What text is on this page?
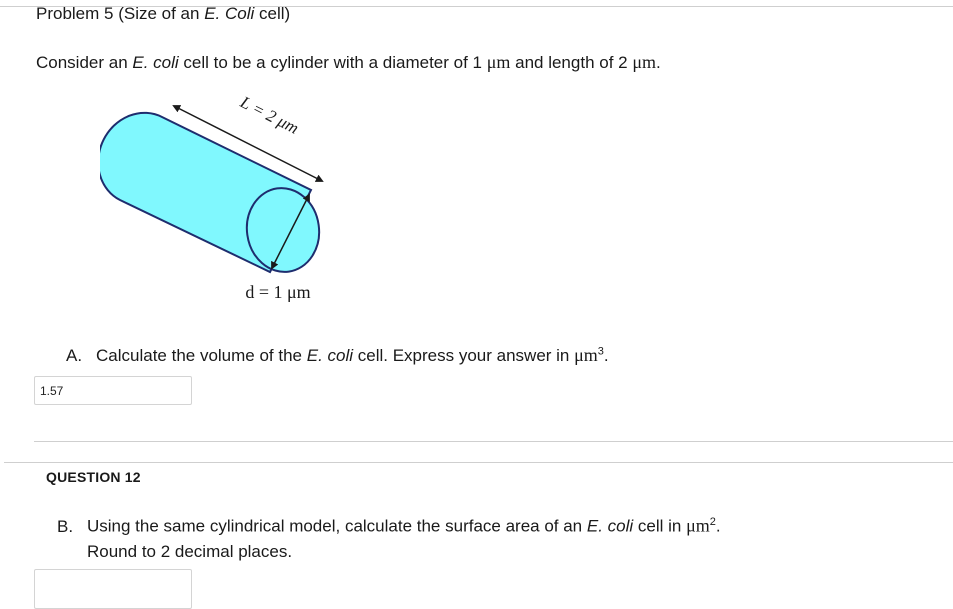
Problem 5 (Size of an E. Coli cell)
Consider an E. coli cell to be a cylinder with a diameter of 1 μm and length of 2 μm.
L = 2 μm
d = 1 μm
A. Calculate the volume of the E. coli cell. Express your answer in $\mu m^3$.
1.57
QUESTION 12
B. Using the same cylindrical model, calculate the surface area of an E. coli cell in $\mu m^2$.
Round to 2 decimal places.
